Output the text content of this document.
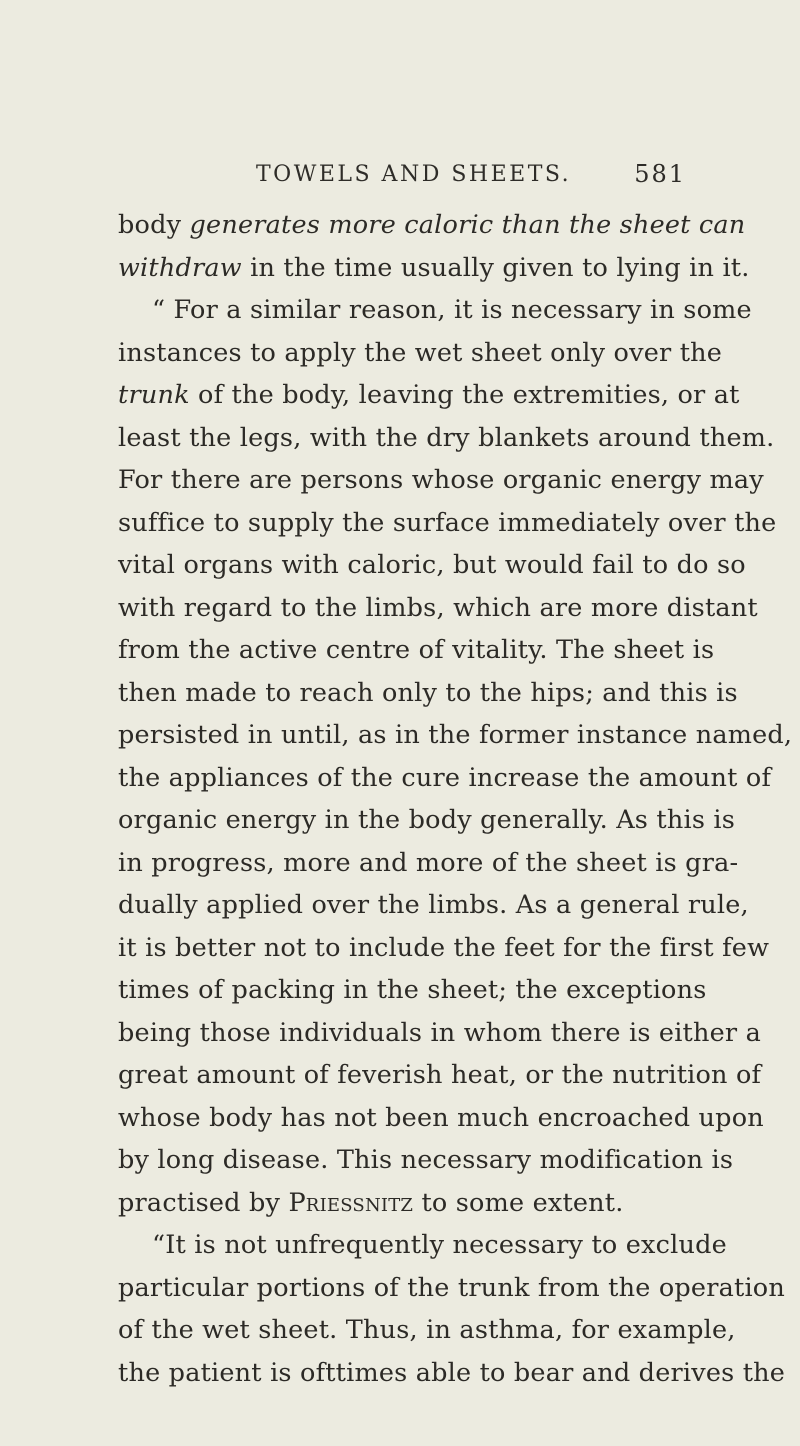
TOWELS AND SHEETS.	581
body generates more caloric than the sheet can
withdraw in the time usually given to lying in it.
“ For a similar reason, it is necessary in some
instances to apply the wet sheet only over the
trunk of the body, leaving the extremities, or at
least the legs, with the dry blankets around them.
For there are persons whose organic energy may
suffice to supply the surface immediately over the
vital organs with caloric, but would fail to do so
with regard to the limbs, which are more distant
from the active centre of vitality. The sheet is
then made to reach only to the hips; and this is
persisted in until, as in the former instance named,
the appliances of the cure increase the amount of
organic energy in the body generally. As this is
in progress, more and more of the sheet is gra-
dually applied over the limbs. As a general rule,
it is better not to include the feet for the first few
times of packing in the sheet; the exceptions
being those individuals in whom there is either a
great amount of feverish heat, or the nutrition of
whose body has not been much encroached upon
by long disease. This necessary modification is
practised by Priessnitz to some extent.
“It is not unfrequently necessary to exclude
particular portions of the trunk from the operation
of the wet sheet. Thus, in asthma, for example,
the patient is ofttimes able to bear and derives the
